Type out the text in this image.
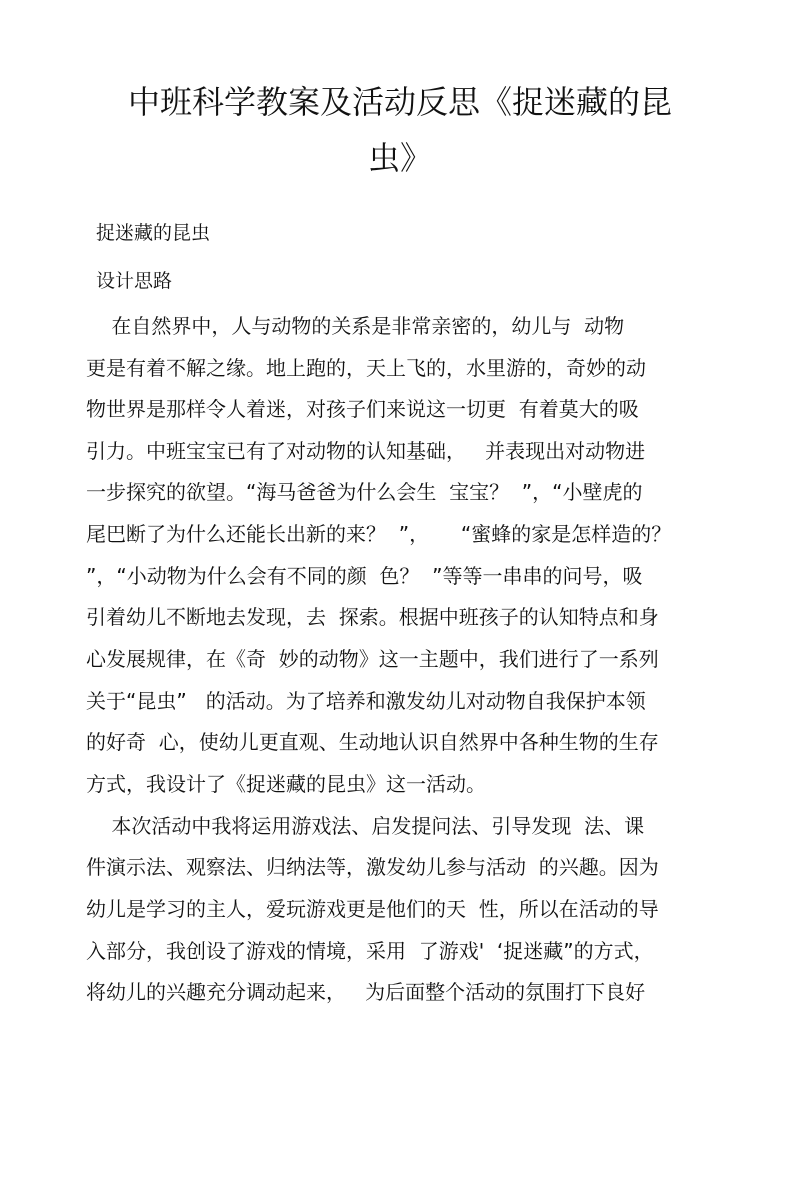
中班科学教案及活动反思《捉迷藏的昆
虫》

捉迷藏的昆虫

设计思路

在自然界中，人与动物的关系是非常亲密的，幼儿与  动物

更是有着不解之缘。地上跑的，天上飞的，水里游的，奇妙的动

物世界是那样令人着迷，对孩子们来说这一切更  有着莫大的吸

引力。中班宝宝已有了对动物的认知基础，   并表现出对动物进

一步探究的欲望。“海马爸爸为什么会生  宝宝？  ”，“小壁虎的

尾巴断了为什么还能长出新的来？  ”，     “蜜蜂的家是怎样造的？

”，“小动物为什么会有不同的颜  色？  ”等等一串串的问号，吸

引着幼儿不断地去发现，去  探索。根据中班孩子的认知特点和身

心发展规律，在《奇  妙的动物》这一主题中，我们进行了一系列

关于“昆虫”   的活动。为了培养和激发幼儿对动物自我保护本领

的好奇  心，使幼儿更直观、生动地认识自然界中各种生物的生存

方式，我设计了《捉迷藏的昆虫》这一活动。

本次活动中我将运用游戏法、启发提问法、引导发现  法、课

件演示法、观察法、归纳法等，激发幼儿参与活动  的兴趣。因为

幼儿是学习的主人，爱玩游戏更是他们的天  性，所以在活动的导

入部分，我创设了游戏的情境，采用  了游戏'  ‘捉迷藏”的方式，

将幼儿的兴趣充分调动起来，   为后面整个活动的氛围打下良好
